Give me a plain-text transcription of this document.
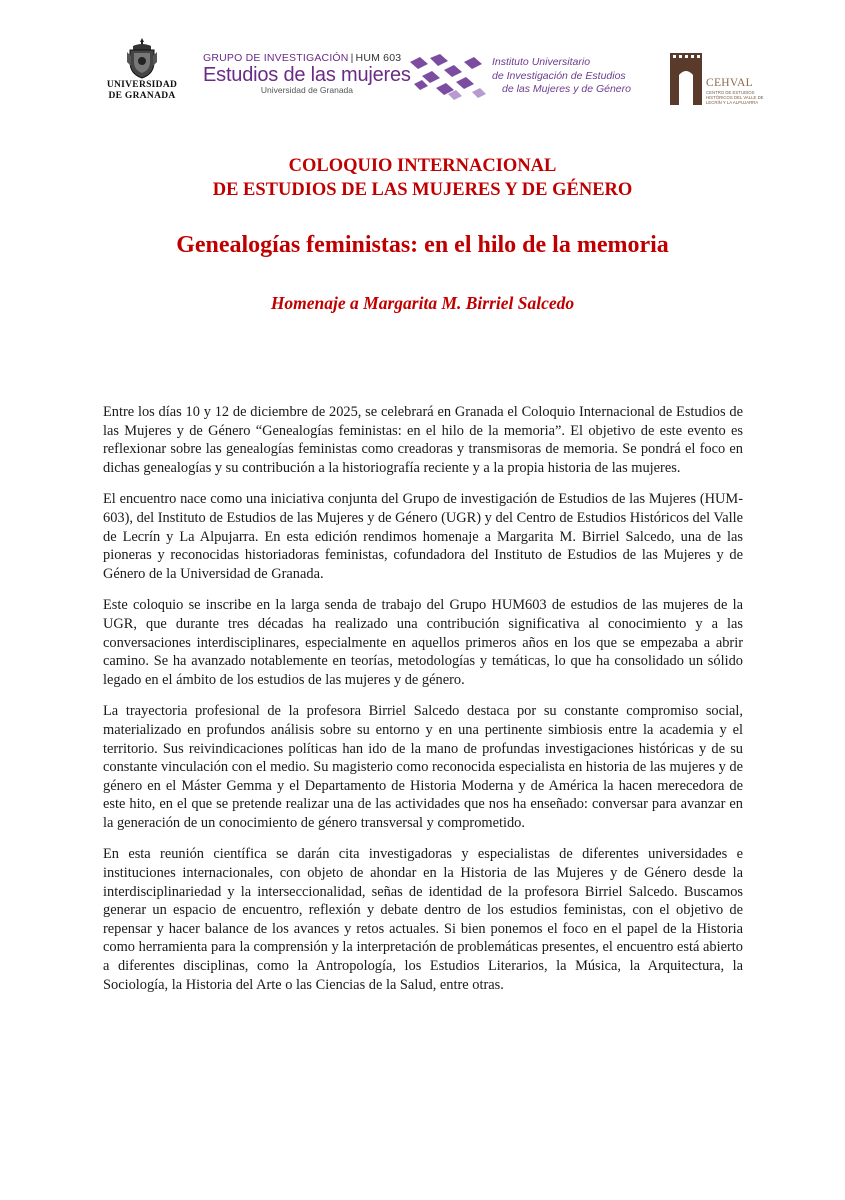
UNIVERSIDAD
DE GRANADA
GRUPO DE INVESTIGACIÓN | HUM 603
Estudios de las mujeres
Universidad de Granada
Instituto Universitario
de Investigación de Estudios
de las Mujeres y de Género	CEHVAL
CENTRO DE ESTUDIOS HISTÓRICOS DEL VALLE DE LECRÍN Y LA ALPUJARRA
COLOQUIO INTERNACIONAL
DE ESTUDIOS DE LAS MUJERES Y DE GÉNERO
Genealogías feministas: en el hilo de la memoria
Homenaje a Margarita M. Birriel Salcedo

Entre los días 10 y 12 de diciembre de 2025, se celebrará en Granada el Coloquio Internacional de Estudios de las Mujeres y de Género “Genealogías feministas: en el hilo de la memoria”. El objetivo de este evento es reflexionar sobre las genealogías feministas como creadoras y transmisoras de memoria. Se pondrá el foco en dichas genealogías y su contribución a la historiografía reciente y a la propia historia de las mujeres.

El encuentro nace como una iniciativa conjunta del Grupo de investigación de Estudios de las Mujeres (HUM-603), del Instituto de Estudios de las Mujeres y de Género (UGR) y del Centro de Estudios Históricos del Valle de Lecrín y La Alpujarra. En esta edición rendimos homenaje a Margarita M. Birriel Salcedo, una de las pioneras y reconocidas historiadoras feministas, cofundadora del Instituto de Estudios de las Mujeres y de Género de la Universidad de Granada.

Este coloquio se inscribe en la larga senda de trabajo del Grupo HUM603 de estudios de las mujeres de la UGR, que durante tres décadas ha realizado una contribución significativa al conocimiento y a las conversaciones interdisciplinares, especialmente en aquellos primeros años en los que se empezaba a abrir camino. Se ha avanzado notablemente en teorías, metodologías y temáticas, lo que ha consolidado un sólido legado en el ámbito de los estudios de las mujeres y de género.

La trayectoria profesional de la profesora Birriel Salcedo destaca por su constante compromiso social, materializado en profundos análisis sobre su entorno y en una pertinente simbiosis entre la academia y el territorio. Sus reivindicaciones políticas han ido de la mano de profundas investigaciones históricas y de su constante vinculación con el medio. Su magisterio como reconocida especialista en historia de las mujeres y de género en el Máster Gemma y el Departamento de Historia Moderna y de América la hacen merecedora de este hito, en el que se pretende realizar una de las actividades que nos ha enseñado: conversar para avanzar en la generación de un conocimiento de género transversal y comprometido.

En esta reunión científica se darán cita investigadoras y especialistas de diferentes universidades e instituciones internacionales, con objeto de ahondar en la Historia de las Mujeres y de Género desde la interdisciplinariedad y la interseccionalidad, señas de identidad de la profesora Birriel Salcedo. Buscamos generar un espacio de encuentro, reflexión y debate dentro de los estudios feministas, con el objetivo de repensar y hacer balance de los avances y retos actuales. Si bien ponemos el foco en el papel de la Historia como herramienta para la comprensión y la interpretación de problemáticas presentes, el encuentro está abierto a diferentes disciplinas, como la Antropología, los Estudios Literarios, la Música, la Arquitectura, la Sociología, la Historia del Arte o las Ciencias de la Salud, entre otras.
